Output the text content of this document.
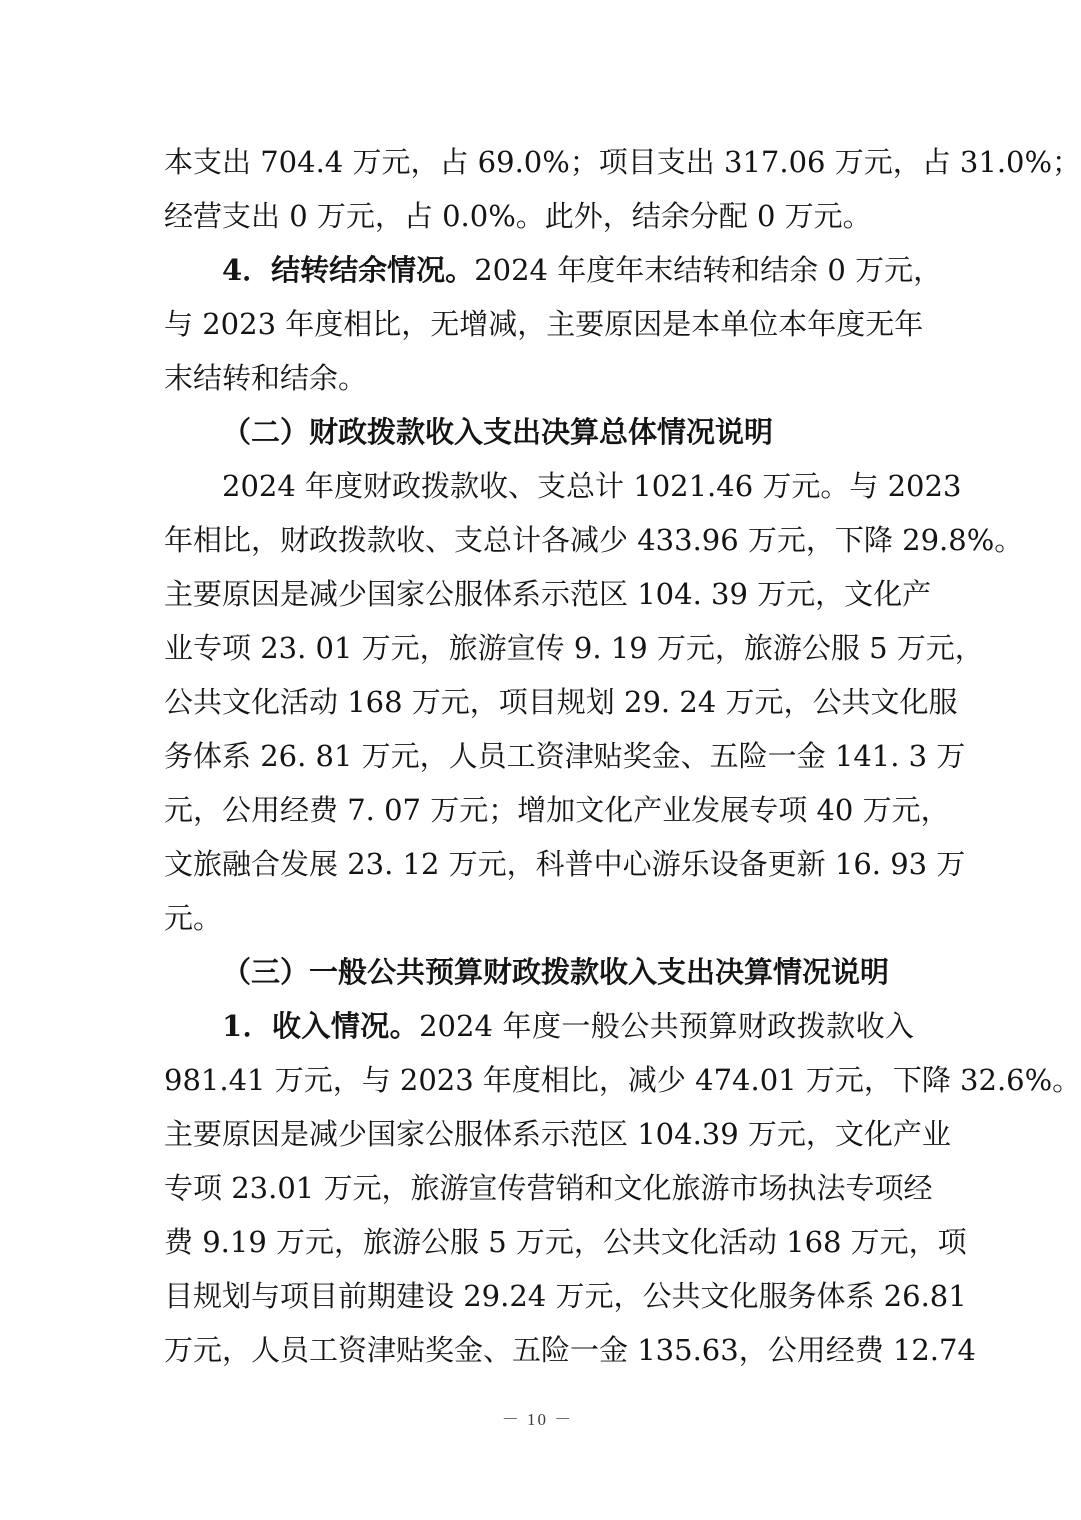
本支出 704.4 万元，占 69.0%；项目支出 317.06 万元，占 31.0%；
经营支出 0 万元，占 0.0%。此外，结余分配 0 万元。
4．结转结余情况。2024 年度年末结转和结余 0 万元，
与 2023 年度相比，无增减，主要原因是本单位本年度无年
末结转和结余。
（二）财政拨款收入支出决算总体情况说明
2024 年度财政拨款收、支总计 1021.46 万元。与 2023
年相比，财政拨款收、支总计各减少 433.96 万元，下降 29.8%。
主要原因是减少国家公服体系示范区 104. 39 万元，文化产
业专项 23. 01 万元，旅游宣传 9. 19 万元，旅游公服 5 万元，
公共文化活动 168 万元，项目规划 29. 24 万元，公共文化服
务体系 26. 81 万元，人员工资津贴奖金、五险一金 141. 3 万
元，公用经费 7. 07 万元；增加文化产业发展专项 40 万元，
文旅融合发展 23. 12 万元，科普中心游乐设备更新 16. 93 万
元。
（三）一般公共预算财政拨款收入支出决算情况说明
1．收入情况。2024 年度一般公共预算财政拨款收入
981.41 万元，与 2023 年度相比，减少 474.01 万元，下降 32.6%。
主要原因是减少国家公服体系示范区 104.39 万元，文化产业
专项 23.01 万元，旅游宣传营销和文化旅游市场执法专项经
费 9.19 万元，旅游公服 5 万元，公共文化活动 168 万元，项
目规划与项目前期建设 29.24 万元，公共文化服务体系 26.81
万元，人员工资津贴奖金、五险一金 135.63，公用经费 12.74
－ 10 －
